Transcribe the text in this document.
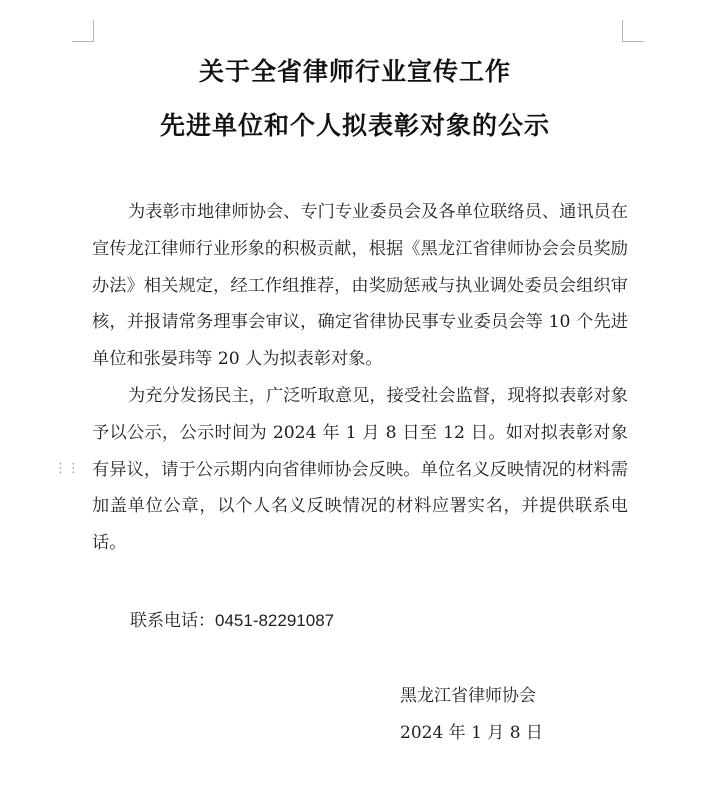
关于全省律师行业宣传工作
先进单位和个人拟表彰对象的公示
为表彰市地律师协会、专门专业委员会及各单位联络员、通讯员在宣传龙江律师行业形象的积极贡献，根据《黑龙江省律师协会会员奖励办法》相关规定，经工作组推荐，由奖励惩戒与执业调处委员会组织审核，并报请常务理事会审议，确定省律协民事专业委员会等 10 个先进单位和张晏玮等 20 人为拟表彰对象。
⋮⋮
为充分发扬民主，广泛听取意见，接受社会监督，现将拟表彰对象予以公示，公示时间为 2024 年 1 月 8 日至 12 日。如对拟表彰对象有异议，请于公示期内向省律师协会反映。单位名义反映情况的材料需加盖单位公章，以个人名义反映情况的材料应署实名，并提供联系电话。
联系电话：0451-82291087
黑龙江省律师协会
2024 年 1 月 8 日
